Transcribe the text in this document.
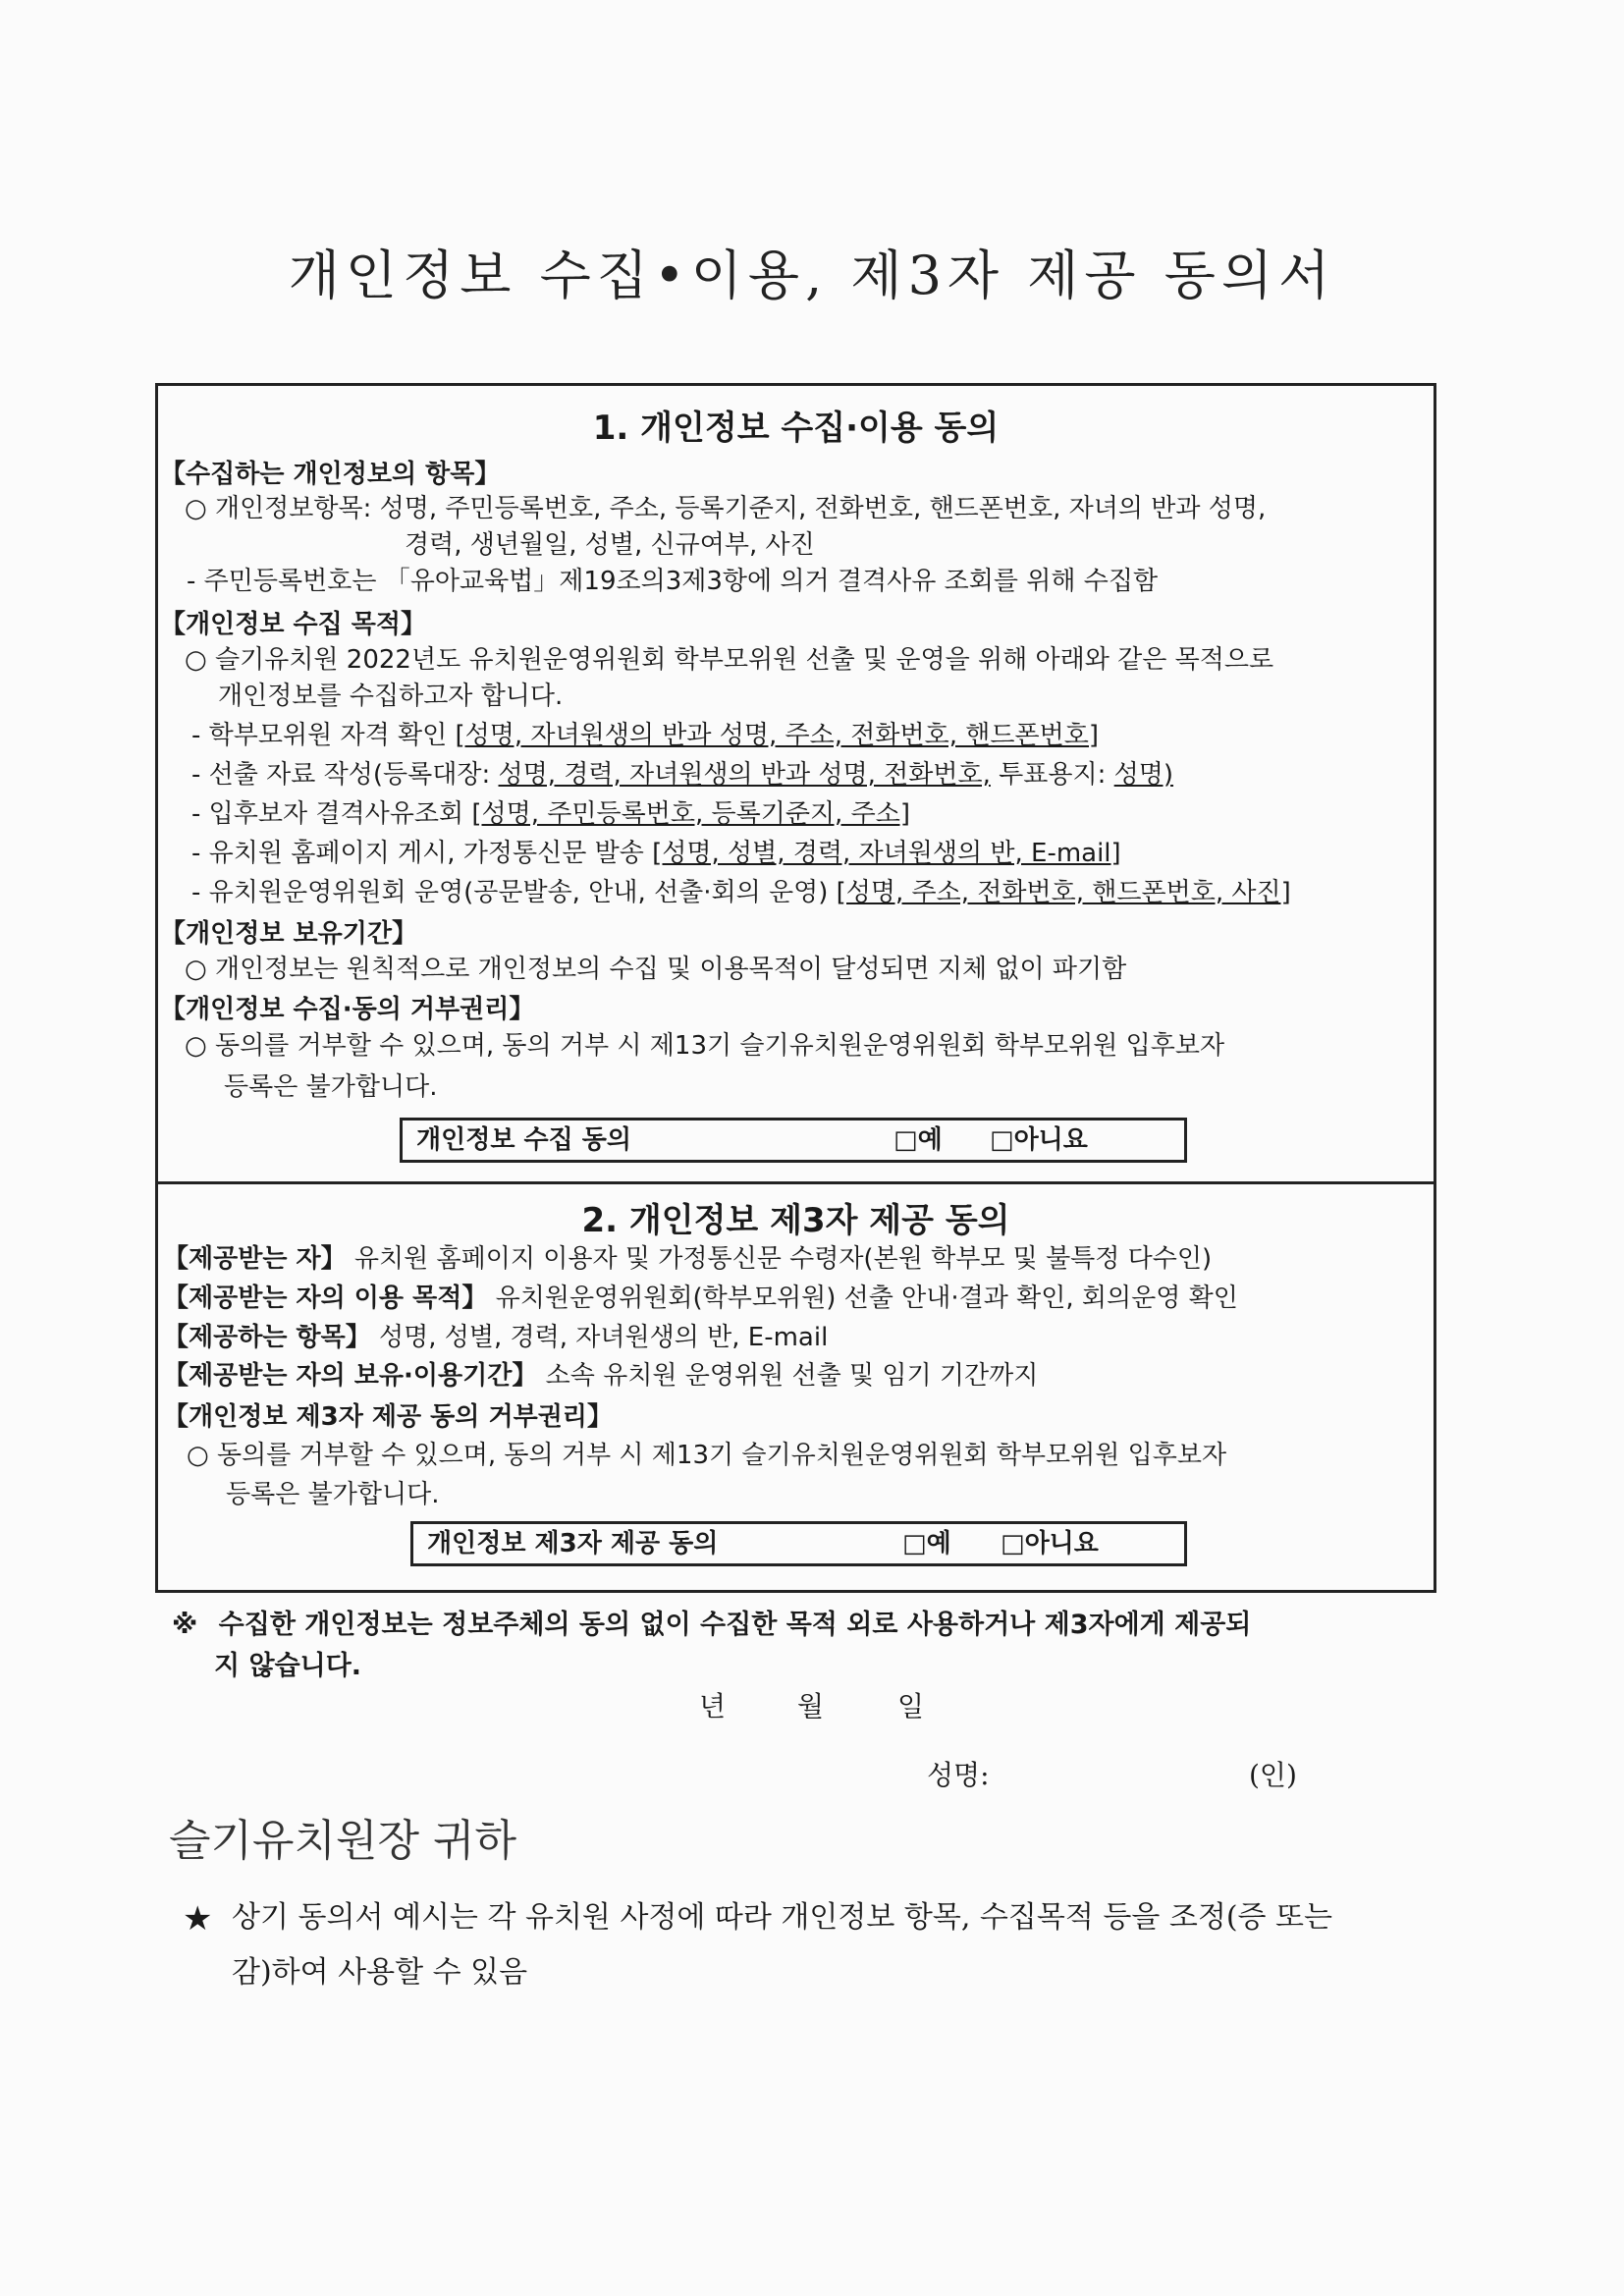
개인정보 수집•이용, 제3자 제공 동의서
1. 개인정보 수집·이용 동의
【수집하는 개인정보의 항목】
○ 개인정보항목: 성명, 주민등록번호, 주소, 등록기준지, 전화번호, 핸드폰번호, 자녀의 반과 성명,
경력, 생년월일, 성별, 신규여부, 사진
- 주민등록번호는 「유아교육법」제19조의3제3항에 의거 결격사유 조회를 위해 수집함
【개인정보 수집 목적】
○ 슬기유치원 2022년도 유치원운영위원회 학부모위원 선출 및 운영을 위해 아래와 같은 목적으로
개인정보를 수집하고자 합니다.
- 학부모위원 자격 확인 [성명, 자녀원생의 반과 성명, 주소, 전화번호, 핸드폰번호]
- 선출 자료 작성(등록대장: 성명, 경력, 자녀원생의 반과 성명, 전화번호, 투표용지: 성명)
- 입후보자 결격사유조회 [성명, 주민등록번호, 등록기준지, 주소]
- 유치원 홈페이지 게시, 가정통신문 발송 [성명, 성별, 경력, 자녀원생의 반, E-mail]
- 유치원운영위원회 운영(공문발송, 안내, 선출·회의 운영) [성명, 주소, 전화번호, 핸드폰번호, 사진]
【개인정보 보유기간】
○ 개인정보는 원칙적으로 개인정보의 수집 및 이용목적이 달성되면 지체 없이 파기함
【개인정보 수집·동의 거부권리】
○ 동의를 거부할 수 있으며, 동의 거부 시 제13기 슬기유치원운영위원회 학부모위원 입후보자
등록은 불가합니다.
개인정보 수집 동의	□예 □아니요
2. 개인정보 제3자 제공 동의
【제공받는 자】 유치원 홈페이지 이용자 및 가정통신문 수령자(본원 학부모 및 불특정 다수인)
【제공받는 자의 이용 목적】 유치원운영위원회(학부모위원) 선출 안내·결과 확인, 회의운영 확인
【제공하는 항목】 성명, 성별, 경력, 자녀원생의 반, E-mail
【제공받는 자의 보유·이용기간】 소속 유치원 운영위원 선출 및 임기 기간까지
【개인정보 제3자 제공 동의 거부권리】
○ 동의를 거부할 수 있으며, 동의 거부 시 제13기 슬기유치원운영위원회 학부모위원 입후보자
등록은 불가합니다.
개인정보 제3자 제공 동의	□예 □아니요
※ 수집한 개인정보는 정보주체의 동의 없이 수집한 목적 외로 사용하거나 제3자에게 제공되
지 않습니다.
년	월	일
성명:	(인)
슬기유치원장 귀하
★ 상기 동의서 예시는 각 유치원 사정에 따라 개인정보 항목, 수집목적 등을 조정(증 또는
감)하여 사용할 수 있음
